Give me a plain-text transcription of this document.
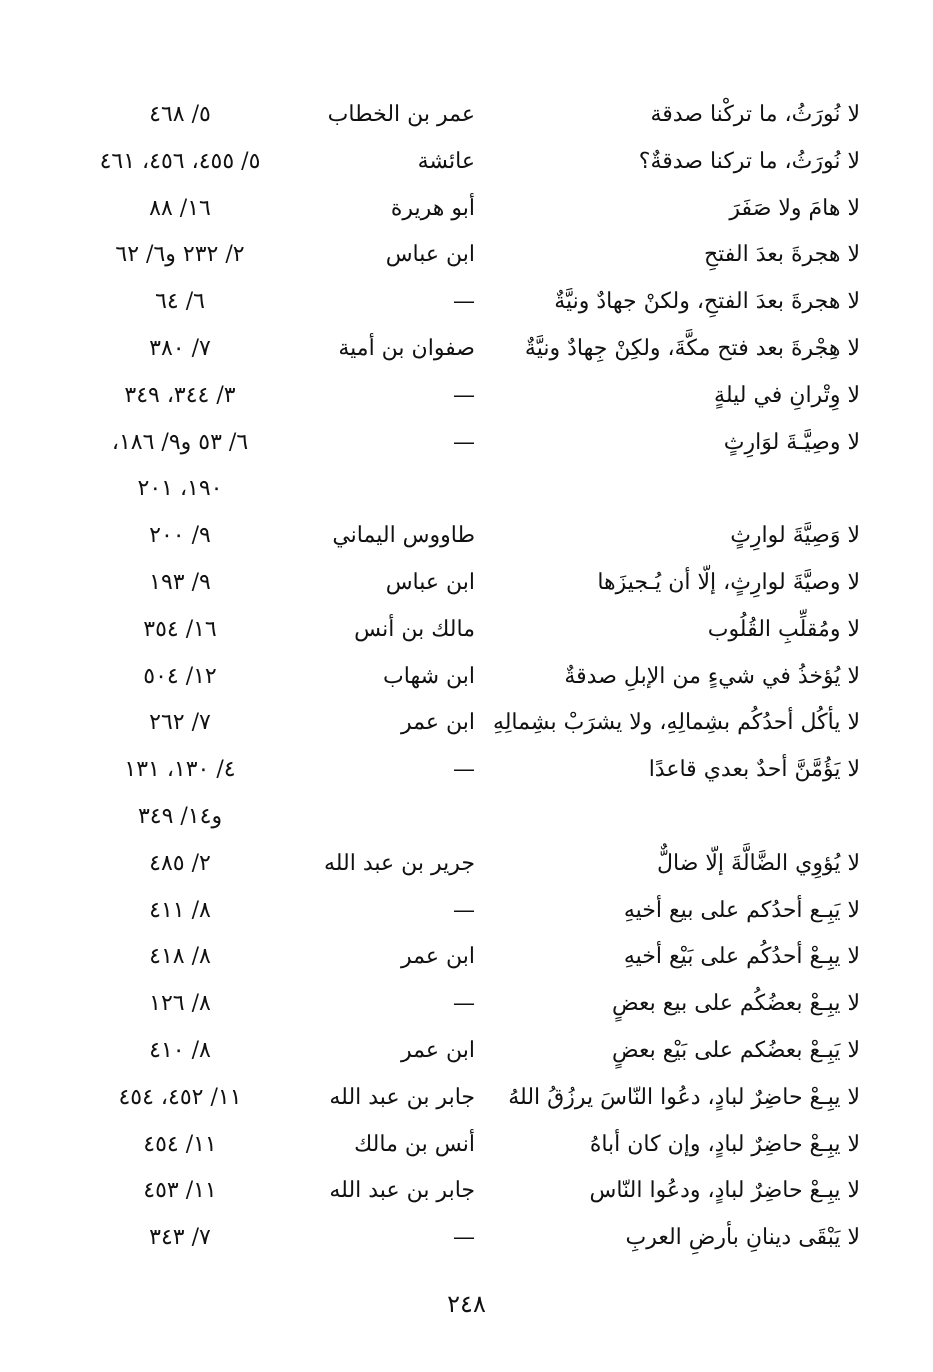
لا نُورَثُ، ما تركْنا صدقة
عمر بن الخطاب
٥/ ٤٦٨
لا نُورَثُ، ما تركنا صدقةٌ؟
عائشة
٥/ ٤٥٥، ٤٥٦، ٤٦١
لا هامَ ولا صَفَرَ
أبو هريرة
١٦/ ٨٨
لا هجرةَ بعدَ الفتحِ
ابن عباس
٢/ ٢٣٢ و٦/ ٦٢
لا هجرةَ بعدَ الفتحِ، ولكنْ جهادٌ ونيَّةٌ
—
٦/ ٦٤
لا هِجْرةَ بعد فتح مكَّةَ، ولكِنْ جِهادٌ ونيَّةٌ
صفوان بن أمية
٧/ ٣٨٠
لا وِتْرانِ في ليلةٍ
—
٣/ ٣٤٤، ٣٤٩
لا وصِيَّـةَ لوَارِثٍ
—
٦/ ٥٣ و٩/ ١٨٦،
١٩٠، ٢٠١
لا وَصِيَّةَ لوارِثٍ
طاووس اليماني
٩/ ٢٠٠
لا وصيَّةَ لوارِثٍ، إلّا أن يُـجيزَها
ابن عباس
٩/ ١٩٣
لا ومُقلِّبِ القُلُوب
مالك بن أنس
١٦/ ٣٥٤
لا يُؤخذُ في شيءٍ من الإبلِ صدقةٌ
ابن شهاب
١٢/ ٥٠٤
لا يأكُل أحدُكُم بشِمالِهِ، ولا يشرَبْ بشِمالِهِ
ابن عمر
٧/ ٢٦٢
لا يَؤُمَّنَّ أحدٌ بعدي قاعدًا
—
٤/ ١٣٠، ١٣١
و١٤/ ٣٤٩
لا يُؤوِي الضَّالَّةَ إلّا ضالٌّ
جرير بن عبد الله
٢/ ٤٨٥
لا يَبِـع أحدُكم على بيع أخيهِ
—
٨/ ٤١١
لا يبِـعْ أحدُكُم على بَيْع أخيهِ
ابن عمر
٨/ ٤١٨
لا يبِـعْ بعضُكُم على بيع بعضٍ
—
٨/ ١٢٦
لا يَبِـعْ بعضُكم على بَيْع بعضٍ
ابن عمر
٨/ ٤١٠
لا يبِـعْ حاضِرٌ لبادٍ، دعُوا النّاسَ يرزُقُ اللهُ
جابر بن عبد الله
١١/ ٤٥٢، ٤٥٤
لا يبِـعْ حاضِرٌ لبادٍ، وإن كان أباهُ
أنس بن مالك
١١/ ٤٥٤
لا يبِـعْ حاضِرٌ لبادٍ، ودعُوا النّاس
جابر بن عبد الله
١١/ ٤٥٣
لا يَبْقَى دينانِ بأرضِ العربِ
—
٧/ ٣٤٣
٢٤٨
